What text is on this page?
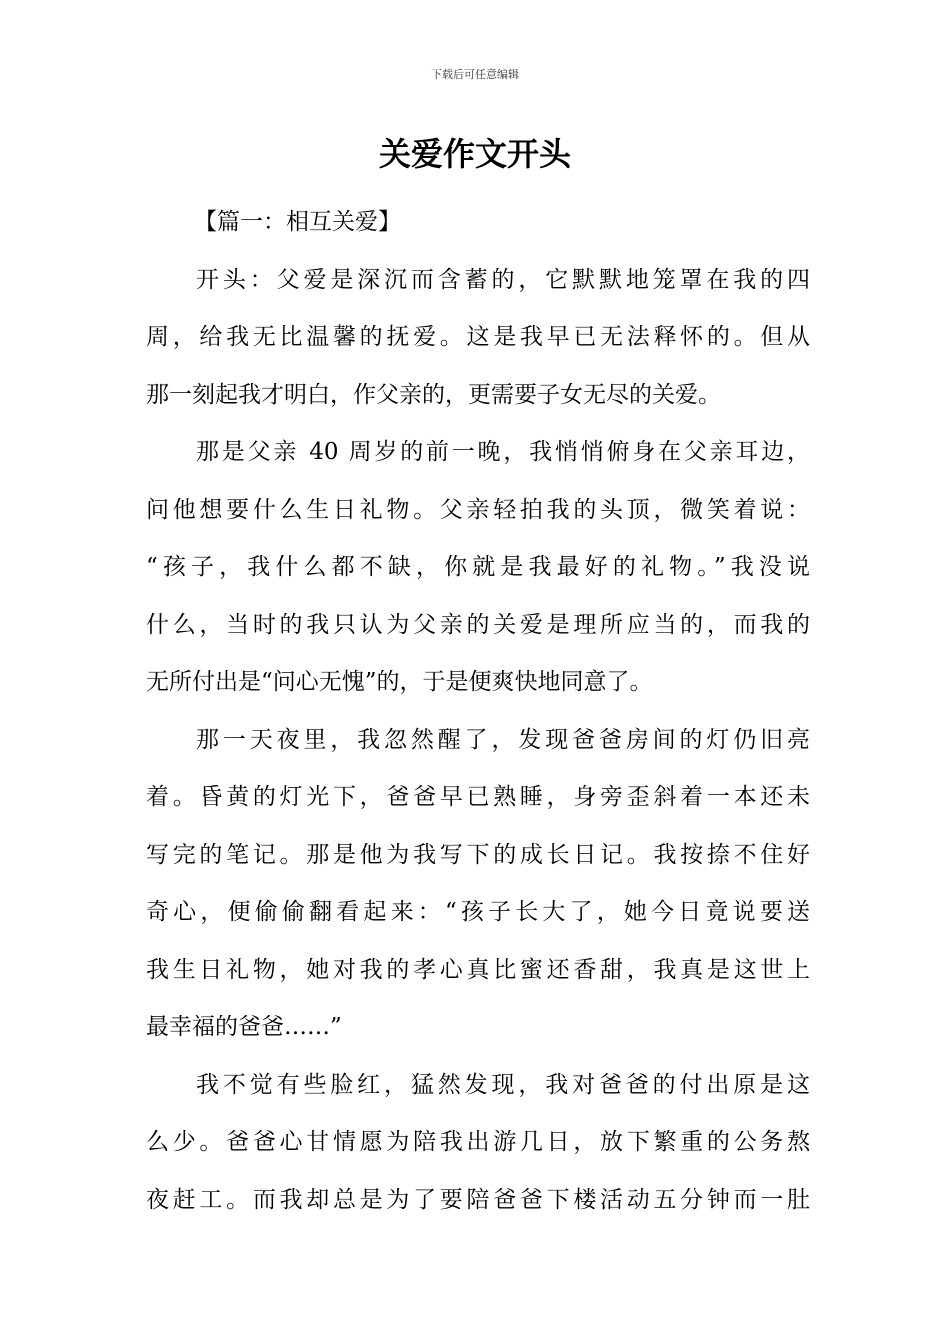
下载后可任意编辑
关爱作文开头

【篇一：相互关爱】

开头：父爱是深沉而含蓄的，它默默地笼罩在我的四
周，给我无比温馨的抚爱。这是我早已无法释怀的。但从
那一刻起我才明白，作父亲的，更需要子女无尽的关爱。

那是父亲 40 周岁的前一晚，我悄悄俯身在父亲耳边，
问他想要什么生日礼物。父亲轻拍我的头顶，微笑着说：
“孩子，我什么都不缺，你就是我最好的礼物。”我没说
什么，当时的我只认为父亲的关爱是理所应当的，而我的
无所付出是“问心无愧”的，于是便爽快地同意了。

那一天夜里，我忽然醒了，发现爸爸房间的灯仍旧亮
着。昏黄的灯光下，爸爸早已熟睡，身旁歪斜着一本还未
写完的笔记。那是他为我写下的成长日记。我按捺不住好
奇心，便偷偷翻看起来：“孩子长大了，她今日竟说要送
我生日礼物，她对我的孝心真比蜜还香甜，我真是这世上
最幸福的爸爸……”

我不觉有些脸红，猛然发现，我对爸爸的付出原是这
么少。爸爸心甘情愿为陪我出游几日，放下繁重的公务熬
夜赶工。而我却总是为了要陪爸爸下楼活动五分钟而一肚
